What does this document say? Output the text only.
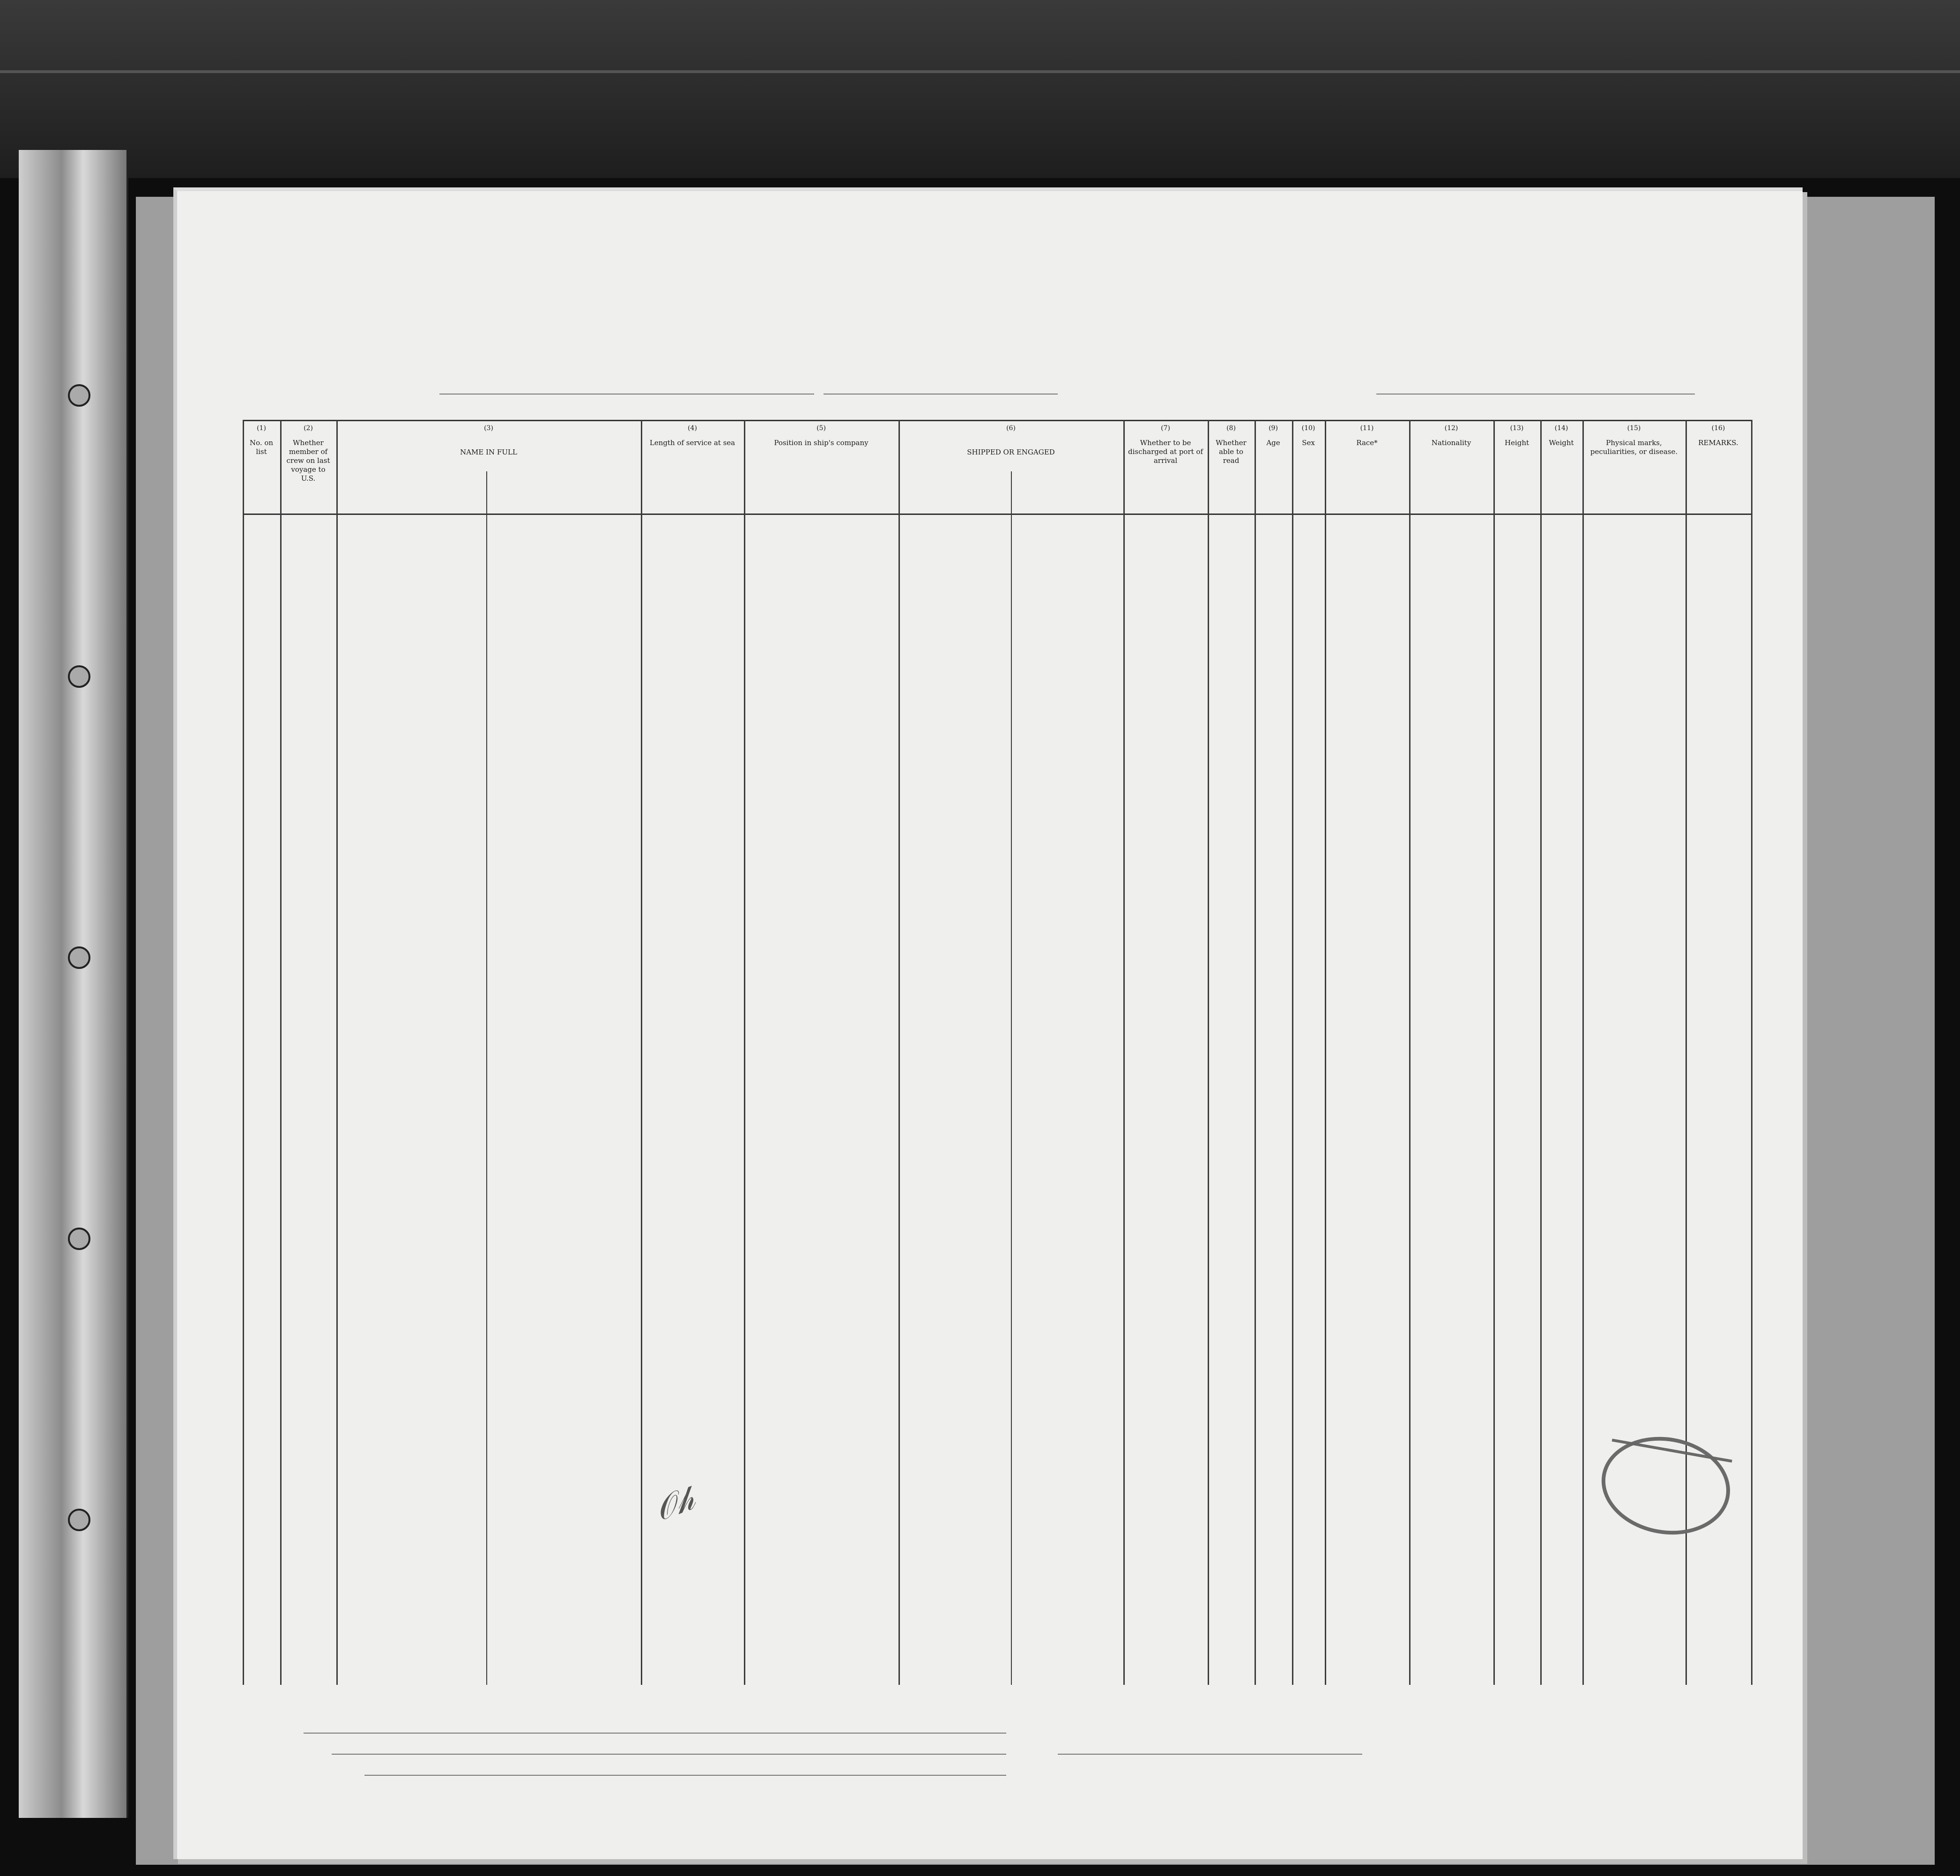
(1)
No. on list
(2)
Whether member of crew on last voyage to U.S.
(3)
NAME IN FULL
(4)
Length of service at sea
(5)
Position in ship's company
(6)
SHIPPED OR ENGAGED
(7)
Whether to be discharged at port of arrival
(8)
Whether able to read
(9)
Age
(10)
Sex
(11)
Race*
(12)
Nationality
(13)
Height
(14)
Weight
(15)
Physical marks, peculiarities, or disease.
(16)
REMARKS.
𝒪𝒽
